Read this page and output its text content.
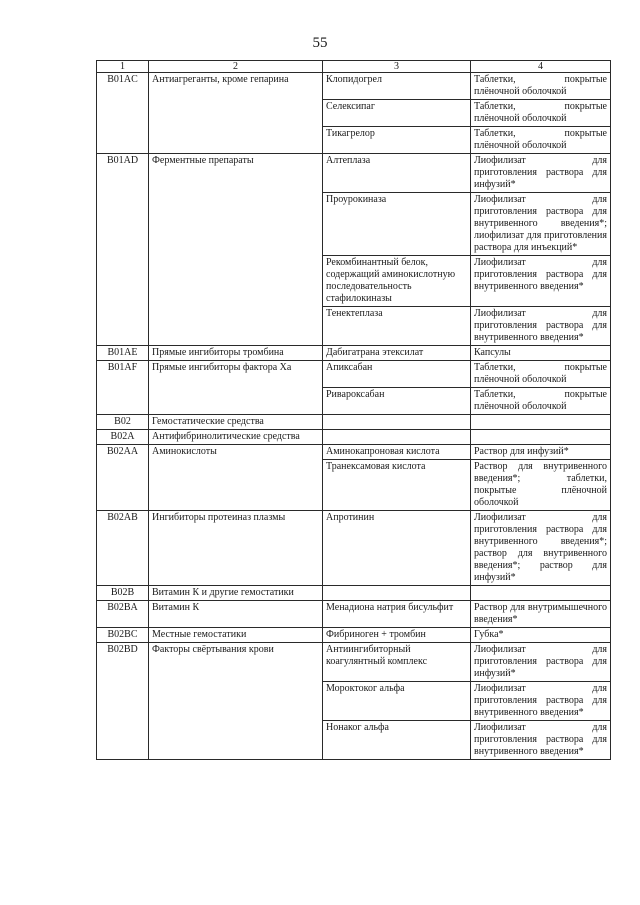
55
1	2	3	4
B01AC	Антиагреганты, кроме гепарина	Клопидогрел	Таблетки, покрытые плёночной оболочкой
		Селексипаг	Таблетки, покрытые плёночной оболочкой
		Тикагрелор	Таблетки, покрытые плёночной оболочкой
B01AD	Ферментные препараты	Алтеплаза	Лиофилизат для приготовления раствора для инфузий*
		Проурокиназа	Лиофилизат для приготовления раствора для внутривенного введения*; лиофилизат для приготовления раствора для инъекций*
		Рекомбинантный белок, содержащий аминокислотную последовательность стафилокиназы	Лиофилизат для приготовления раствора для внутривенного введения*
		Тенектеплаза	Лиофилизат для приготовления раствора для внутривенного введения*
B01AE	Прямые ингибиторы тромбина	Дабигатрана этексилат	Капсулы
B01AF	Прямые ингибиторы фактора Ха	Апиксабан	Таблетки, покрытые плёночной оболочкой
		Ривароксабан	Таблетки, покрытые плёночной оболочкой
B02	Гемостатические средства		
B02A	Антифибринолитические средства		
B02AA	Аминокислоты	Аминокапроновая кислота	Раствор для инфузий*
		Транексамовая кислота	Раствор для внутривенного введения*; таблетки, покрытые плёночной оболочкой
B02AB	Ингибиторы протеиназ плазмы	Апротинин	Лиофилизат для приготовления раствора для внутривенного введения*; раствор для внутривенного введения*; раствор для инфузий*
B02B	Витамин К и другие гемостатики		
B02BA	Витамин К	Менадиона натрия бисульфит	Раствор для внутримышечного введения*
B02BC	Местные гемостатики	Фибриноген + тромбин	Губка*
B02BD	Факторы свёртывания крови	Антиингибиторный коагулянтный комплекс	Лиофилизат для приготовления раствора для инфузий*
		Мороктоког альфа	Лиофилизат для приготовления раствора для внутривенного введения*
		Нонаког альфа	Лиофилизат для приготовления раствора для внутривенного введения*
